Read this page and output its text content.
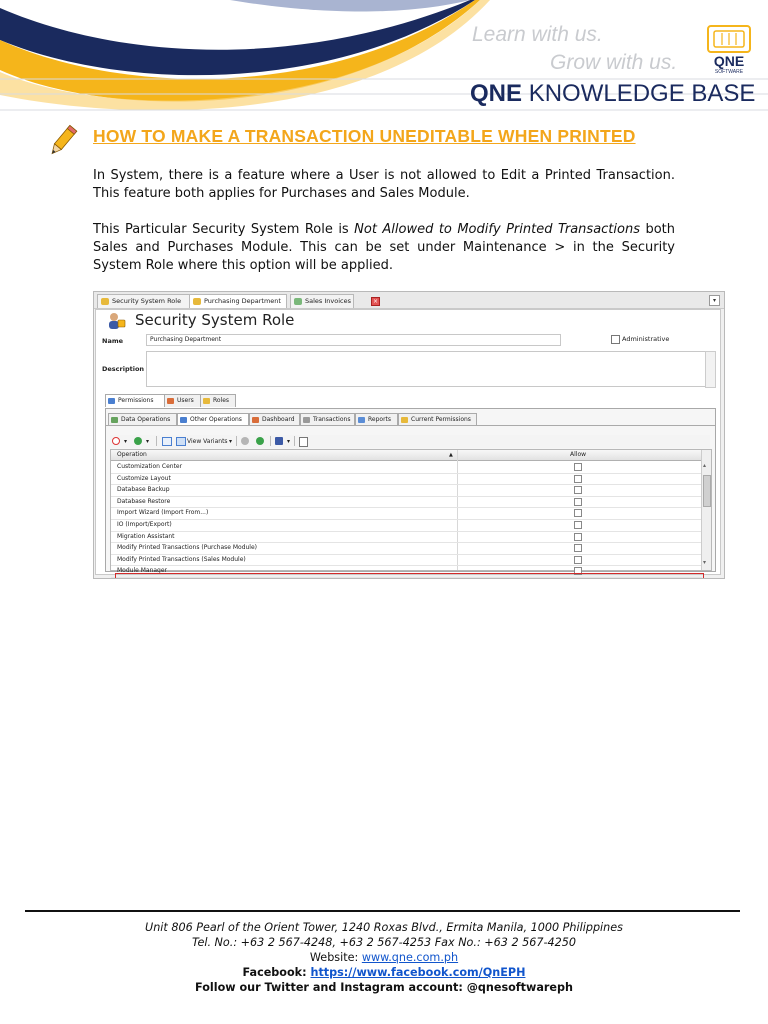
Learn with us.
Grow with us.	QNE
SOFTWARE
QNE KNOWLEDGE BASE
HOW TO MAKE A TRANSACTION UNEDITABLE WHEN PRINTED
In System, there is a feature where a User is not allowed to Edit a Printed Transaction. This feature both applies for Purchases and Sales Module.
This Particular Security System Role is Not Allowed to Modify Printed Transactions both Sales and Purchases Module. This can be set under Maintenance > in the Security System Role where this option will be applied.
Security System Role	Purchasing Department	×
Sales Invoices	▾
Security System Role
Name	Purchasing Department	Administrative
Description
Permissions	Users	Roles
Data Operations	Other Operations	Dashboard	Transactions	Reports	Current Permissions
▾	▾	View Variants ▾	▾
Operation	▲	Allow
Customization Center
Customize Layout
Database Backup
Database Restore
Import Wizard (Import From...)
IO (Import/Export)
Migration Assistant
Modify Printed Transactions (Purchase Module)
Modify Printed Transactions (Sales Module)
Module Manager
▴
▾
Unit 806 Pearl of the Orient Tower, 1240 Roxas Blvd., Ermita Manila, 1000 Philippines
Tel. No.: +63 2 567-4248, +63 2 567-4253 Fax No.: +63 2 567-4250
Website: www.qne.com.ph
Facebook: https://www.facebook.com/QnEPH
Follow our Twitter and Instagram account: @qnesoftwareph
